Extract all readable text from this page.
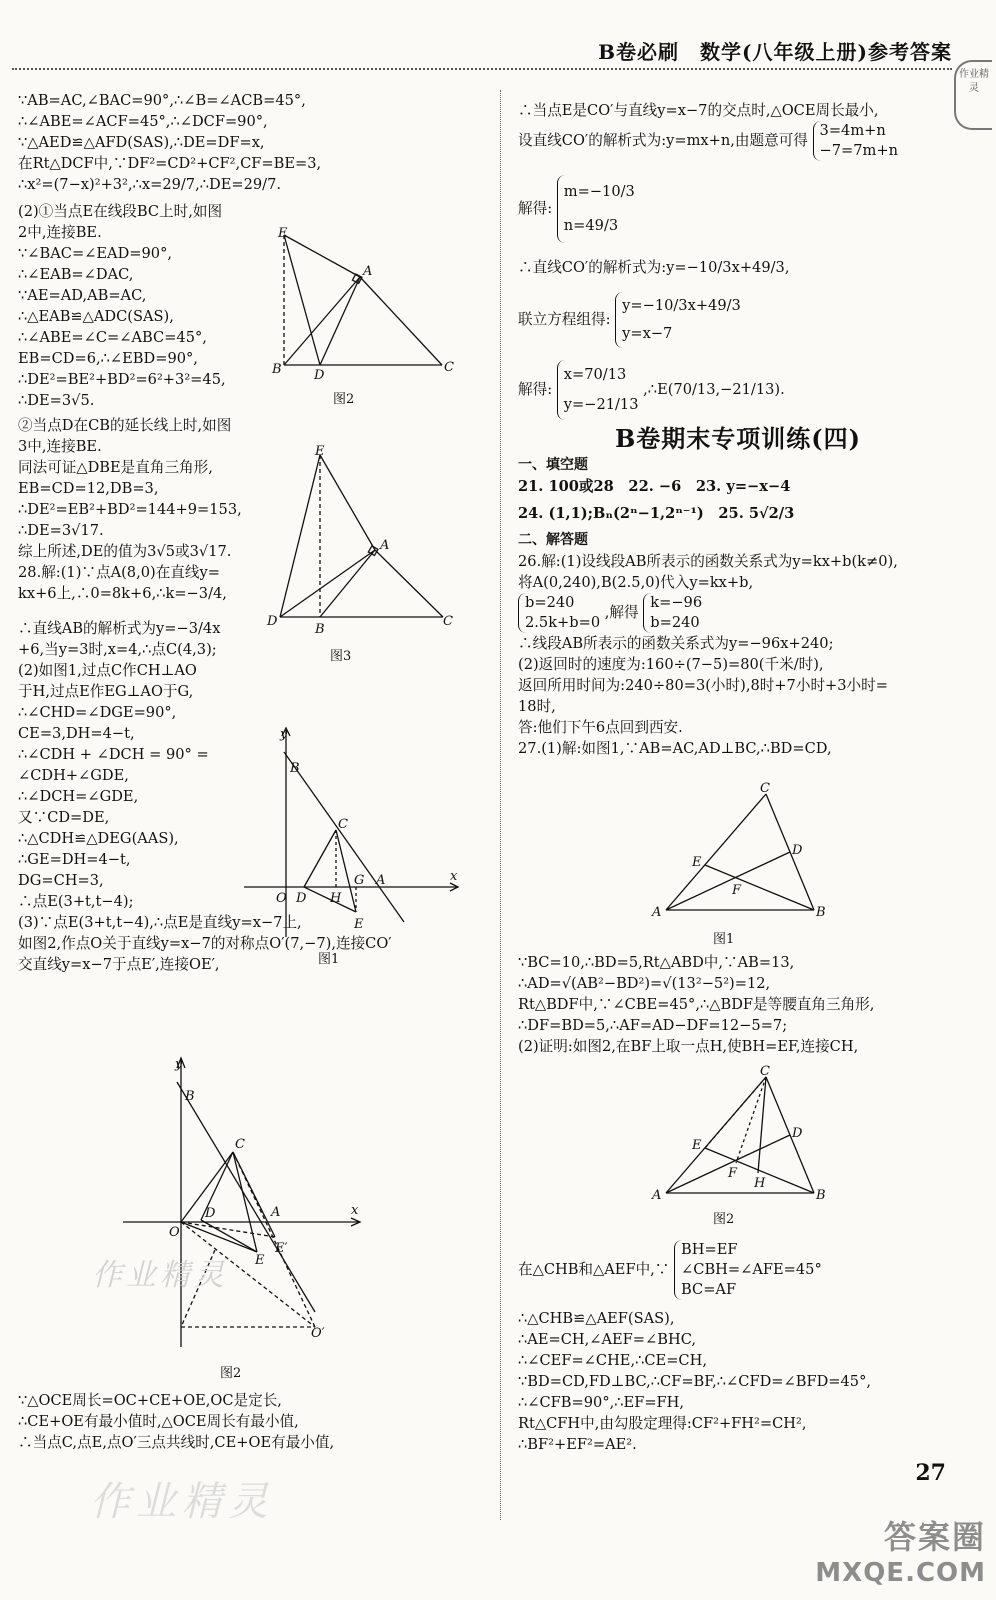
B卷必刷　数学(八年级上册)参考答案
作业精灵
∵AB=AC,∠BAC=90°,∴∠B=∠ACB=45°,
∴∠ABE=∠ACF=45°,∴∠DCF=90°,
∵△AED≌△AFD(SAS),∴DE=DF=x,
在Rt△DCF中,∵DF²=CD²+CF²,CF=BE=3,
∴x²=(7−x)²+3²,∴x=29/7,∴DE=29/7.
(2)①当点E在线段BC上时,如图
2中,连接BE.
∵∠BAC=∠EAD=90°,
∴∠EAB=∠DAC,
∵AE=AD,AB=AC,
∴△EAB≌△ADC(SAS),
∴∠ABE=∠C=∠ABC=45°,
EB=CD=6,∴∠EBD=90°,
∴DE²=BE²+BD²=6²+3²=45,
∴DE=3√5.
②当点D在CB的延长线上时,如图
3中,连接BE.
同法可证△DBE是直角三角形,
EB=CD=12,DB=3,
∴DE²=EB²+BD²=144+9=153,
∴DE=3√17.
综上所述,DE的值为3√5或3√17.
28.解:(1)∵点A(8,0)在直线y=
kx+6上,∴0=8k+6,∴k=−3/4,
∴直线AB的解析式为y=−3/4x
+6,当y=3时,x=4,∴点C(4,3);
(2)如图1,过点C作CH⊥AO
于H,过点E作EG⊥AO于G,
∴∠CHD=∠DGE=90°,
CE=3,DH=4−t,
∴∠CDH + ∠DCH = 90° =
∠CDH+∠GDE,
∴∠DCH=∠GDE,
又∵CD=DE,
∴△CDH≌△DEG(AAS),
∴GE=DH=4−t,
DG=CH=3,
∴点E(3+t,t−4);
(3)∵点E(3+t,t−4),∴点E是直线y=x−7上,
如图2,作点O关于直线y=x−7的对称点O′(7,−7),连接CO′
交直线y=x−7于点E′,连接OE′,
E
A
B D
C
图2
E
A
D
B
C
图3
y
B
C
O D H
G A
E
x
图1
y
B
C
O
D	A
E
E′
O′
x
作业精灵
图2
∵△OCE周长=OC+CE+OE,OC是定长,
∴CE+OE有最小值时,△OCE周长有最小值,
∴当点C,点E,点O′三点共线时,CE+OE有最小值,
∴当点E是CO′与直线y=x−7的交点时,△OCE周长最小,
设直线CO′的解析式为:y=mx+n,由题意可得
3=4m+n
−7=7m+n
解得:
m=−10/3
n=49/3
∴直线CO′的解析式为:y=−10/3x+49/3,
联立方程组得:
y=−10/3x+49/3
y=x−7
解得:
x=70/13
y=−21/13
,∴E(70/13,−21/13).
B卷期末专项训练(四)
一、填空题
21. 100或28　22. −6　23. y=−x−4
24. (1,1);Bₙ(2ⁿ−1,2ⁿ⁻¹)　25. 5√2/3
二、解答题
26.解:(1)设线段AB所表示的函数关系式为y=kx+b(k≠0),
将A(0,240),B(2.5,0)代入y=kx+b,
b=240
2.5k+b=0
,解得
k=−96
b=240
∴线段AB所表示的函数关系式为y=−96x+240;
(2)返回时的速度为:160÷(7−5)=80(千米/时),
返回所用时间为:240÷80=3(小时),8时+7小时+3小时=
18时,
答:他们下午6点回到西安.
27.(1)解:如图1,∵AB=AC,AD⊥BC,∴BD=CD,
C
E
D
F
A	B
图1
∵BC=10,∴BD=5,Rt△ABD中,∵AB=13,
∴AD=√(AB²−BD²)=√(13²−5²)=12,
Rt△BDF中,∵∠CBE=45°,∴△BDF是等腰直角三角形,
∴DF=BD=5,∴AF=AD−DF=12−5=7;
(2)证明:如图2,在BF上取一点H,使BH=EF,连接CH,
C
E
D
F
H
A	B
图2
在△CHB和△AEF中,∵
BH=EF
∠CBH=∠AFE=45°
BC=AF
∴△CHB≌△AEF(SAS),
∴AE=CH,∠AEF=∠BHC,
∴∠CEF=∠CHE,∴CE=CH,
∵BD=CD,FD⊥BC,∴CF=BF,∴∠CFD=∠BFD=45°,
∴∠CFB=90°,∴EF=FH,
Rt△CFH中,由勾股定理得:CF²+FH²=CH²,
∴BF²+EF²=AE².
27
作业精灵
答案圈
MXQE.COM
